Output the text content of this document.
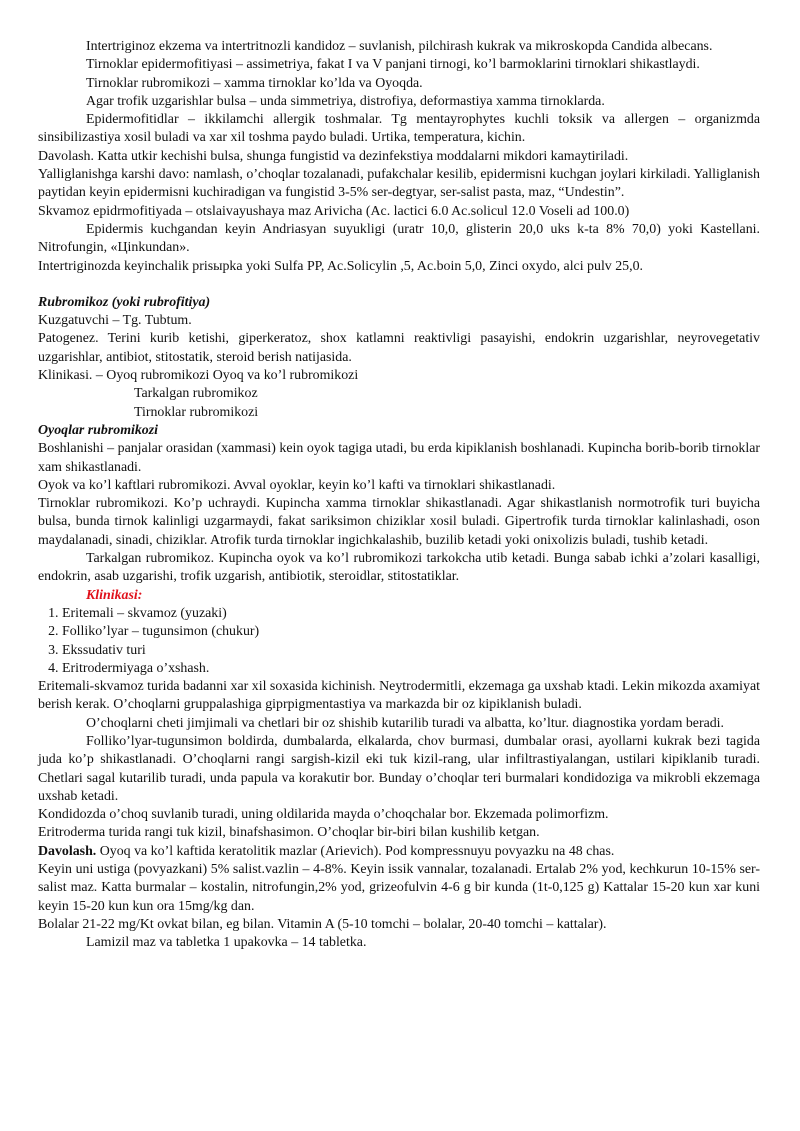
Intertriginoz ekzema va intertritnozli kandidoz – suvlanish, pilchirash kukrak va mikroskopda Candida albecans.

Tirnoklar epidermofitiyasi – assimetriya, fakat I va V panjani tirnogi, ko’l barmoklarini tirnoklari shikastlaydi.

Tirnoklar rubromikozi – xamma tirnoklar ko’lda va Oyoqda.

Agar trofik uzgarishlar bulsa – unda simmetriya, distrofiya, deformastiya xamma tirnoklarda.

Epidermofitidlar – ikkilamchi allergik toshmalar. Tg mentayrophytes kuchli toksik va allergen – organizmda sinsibilizastiya xosil buladi va xar xil toshma paydo buladi. Urtika, temperatura, kichin.

Davolash. Katta utkir kechishi bulsa, shunga fungistid va dezinfekstiya moddalarni mikdori kamaytiriladi.

Yalliglanishga karshi davo: namlash, o’choqlar tozalanadi, pufakchalar kesilib, epidermisni kuchgan joylari kirkiladi. Yalliglanish paytidan keyin epidermisni kuchiradigan va fungistid 3-5% ser-degtyar, ser-salist pasta, maz, “Undestin”.

Skvamoz epidrmofitiyada – otslaivayushaya maz Arivicha (Ac. lactici 6.0 Ac.solicul 12.0 Voseli ad 100.0)

Epidermis kuchgandan keyin Andriasyan suyukligi (uratr 10,0, glisterin 20,0 uks k-ta 8% 70,0) yoki Kastellani. Nitrofungin, «Цinkundan».

Intertriginozda keyinchalik prisыpka yoki Sulfa PP, Ac.Solicylin ,5, Ac.boin 5,0, Zinci oxydo, alci pulv 25,0.

Rubromikoz (yoki rubrofitiya)

Kuzgatuvchi – Tg. Tubtum.

Patogenez. Terini kurib ketishi, giperkeratoz, shox katlamni reaktivligi pasayishi, endokrin uzgarishlar, neyrovegetativ uzgarishlar, antibiot, stitostatik, steroid berish natijasida.

Klinikasi. – Oyoq rubromikozi Oyoq va ko’l rubromikozi

Tarkalgan rubromikoz

Tirnoklar rubromikozi

Oyoqlar rubromikozi

Boshlanishi – panjalar orasidan (xammasi) kein oyok tagiga utadi, bu erda kipiklanish boshlanadi. Kupincha borib-borib tirnoklar xam shikastlanadi.

Oyok va ko’l kaftlari rubromikozi. Avval oyoklar, keyin ko’l kafti va tirnoklari shikastlanadi.

Tirnoklar rubromikozi. Ko’p uchraydi. Kupincha xamma tirnoklar shikastlanadi. Agar shikastlanish normotrofik turi buyicha bulsa, bunda tirnok kalinligi uzgarmaydi, fakat sariksimon chiziklar xosil buladi. Gipertrofik turda tirnoklar kalinlashadi, oson maydalanadi, sinadi, chiziklar. Atrofik turda tirnoklar ingichkalashib, buzilib ketadi yoki onixolizis buladi, tushib ketadi.

Tarkalgan rubromikoz. Kupincha oyok va ko’l rubromikozi tarkokcha utib ketadi. Bunga sabab ichki a’zolari kasalligi, endokrin, asab uzgarishi, trofik uzgarish, antibiotik, steroidlar, stitostatiklar.

Klinikasi:

1. Eritemali – skvamoz (yuzaki)
2. Folliko’lyar – tugunsimon (chukur)
3. Ekssudativ turi
4. Eritrodermiyaga o’xshash.

Eritemali-skvamoz turida badanni xar xil soxasida kichinish. Neytrodermitli, ekzemaga ga uxshab ktadi. Lekin mikozda axamiyat berish kerak. O’choqlarni gruppalashiga giprpigmentastiya va markazda bir oz kipiklanish buladi.

O’choqlarni cheti jimjimali va chetlari bir oz shishib kutarilib turadi va albatta, ko’ltur. diagnostika yordam beradi.

Folliko’lyar-tugunsimon boldirda, dumbalarda, elkalarda, chov burmasi, dumbalar orasi, ayollarni kukrak bezi tagida juda ko’p shikastlanadi. O’choqlarni rangi sargish-kizil eki tuk kizil-rang, ular infiltrastiyalangan, ustilari kipiklanib turadi. Chetlari sagal kutarilib turadi, unda papula va korakutir bor. Bunday o’choqlar teri burmalari kondidoziga va mikrobli ekzemaga uxshab ketadi.

Kondidozda o’choq suvlanib turadi, uning oldilarida mayda o’choqchalar bor. Ekzemada polimorfizm.

Eritroderma turida rangi tuk kizil, binafshasimon. O’choqlar bir-biri bilan kushilib ketgan.

Davolash. Oyoq va ko’l kaftida keratolitik mazlar (Arievich). Pod kompressnuyu povyazku na 48 chas.

Keyin uni ustiga (povyazkani) 5% salist.vazlin – 4-8%. Keyin issik vannalar, tozalanadi. Ertalab 2% yod, kechkurun 10-15% ser-salist maz. Katta burmalar – kostalin, nitrofungin,2% yod, grizeofulvin 4-6 g bir kunda (1t-0,125 g) Kattalar 15-20 kun xar kuni keyin 15-20 kun kun ora 15mg/kg dan.

Bolalar 21-22 mg/Kt ovkat bilan, eg bilan. Vitamin A (5-10 tomchi – bolalar, 20-40 tomchi – kattalar).

Lamizil maz va tabletka 1 upakovka – 14 tabletka.
